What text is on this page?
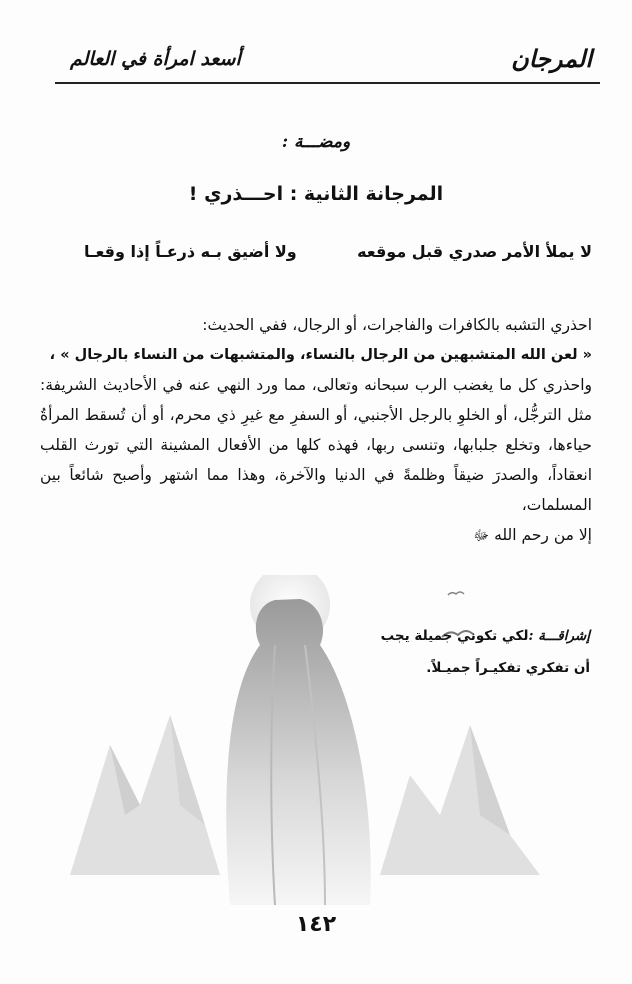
أسعد امرأة في العالم	المرجان
ومضـــة :
المرجانة الثانية : احـــذري !
لا يملأ الأمر صدري قبل موقعه
ولا أضيق بـه ذرعـاً إذا وقعـا

احذري التشبه بالكافرات والفاجرات، أو الرجال، ففي الحديث:

« لعن الله المتشبهين من الرجال بالنساء، والمتشبهات من النساء بالرجال » ،

واحذري كل ما يغضب الرب سبحانه وتعالى، مما ورد النهي عنه في الأحاديث الشريفة: مثل الترجُّل، أو الخلوِ بالرجل الأجنبي، أو السفرِ مع غيرِ ذي محرم، أو أن تُسقط المرأةُ حياءها، وتخلع جلبابها، وتنسى ربها، فهذه كلها من الأفعال المشينة التي تورث القلب انعقاداً، والصدرَ ضيقاً وظلمةً في الدنيا والآخرة، وهذا مما اشتهر وأصبح شائعاً بين المسلمات،

إلا من رحم الله ﷻ

إشراقـــة :لكي تكوني جميلة يجب أن تفكري تفكيـراً جميـلاً.
١٤٢
